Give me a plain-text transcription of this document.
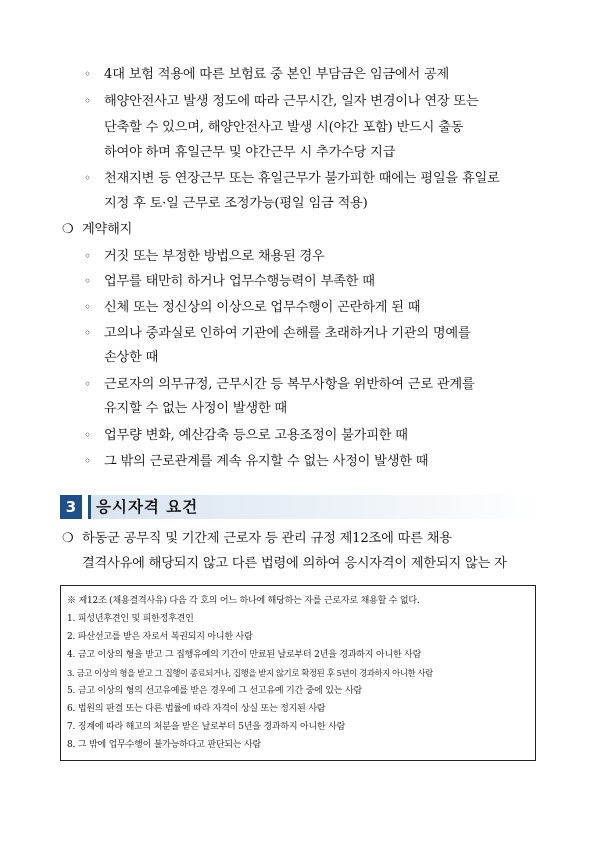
◦ 4대 보험 적용에 따른 보험료 중 본인 부담금은 임금에서 공제
◦ 해양안전사고 발생 정도에 따라 근무시간, 일자 변경이나 연장 또는
단축할 수 있으며, 해양안전사고 발생 시(야간 포함) 반드시 출동
하여야 하며 휴일근무 및 야간근무 시 추가수당 지급
◦ 천재지변 등 연장근무 또는 휴일근무가 불가피한 때에는 평일을 휴일로
지정 후 토·일 근무로 조정가능(평일 임금 적용)
❍ 계약해지
◦ 거짓 또는 부정한 방법으로 채용된 경우
◦ 업무를 태만히 하거나 업무수행능력이 부족한 때
◦ 신체 또는 정신상의 이상으로 업무수행이 곤란하게 된 때
◦ 고의나 중과실로 인하여 기관에 손해를 초래하거나 기관의 명예를
손상한 때
◦ 근로자의 의무규정, 근무시간 등 복무사항을 위반하여 근로 관계를
유지할 수 없는 사정이 발생한 때
◦ 업무량 변화, 예산감축 등으로 고용조정이 불가피한 때
◦ 그 밖의 근로관계를 계속 유지할 수 없는 사정이 발생한 때
3	응시자격 요건
❍ 하동군 공무직 및 기간제 근로자 등 관리 규정 제12조에 따른 채용
결격사유에 해당되지 않고 다른 법령에 의하여 응시자격이 제한되지 않는 자
※ 제12조 (채용결격사유) 다음 각 호의 어느 하나에 해당하는 자를 근로자로 채용할 수 없다.
1. 피성년후견인 및 피한정후견인
2. 파산선고를 받은 자로서 복권되지 아니한 사람
4. 금고 이상의 형을 받고 그 집행유예의 기간이 만료된 날로부터 2년을 경과하지 아니한 사람
3. 금고 이상의 형을 받고 그 집행이 종료되거나, 집행을 받지 않기로 확정된 후 5년이 경과하지 아니한 사람
5. 금고 이상의 형의 선고유예를 받은 경우에 그 선고유예 기간 중에 있는 사람
6. 법원의 판결 또는 다른 법률에 따라 자격이 상실 또는 정지된 사람
7. 징계에 따라 해고의 처분을 받은 날로부터 5년을 경과하지 아니한 사람
8. 그 밖에 업무수행이 불가능하다고 판단되는 사람
